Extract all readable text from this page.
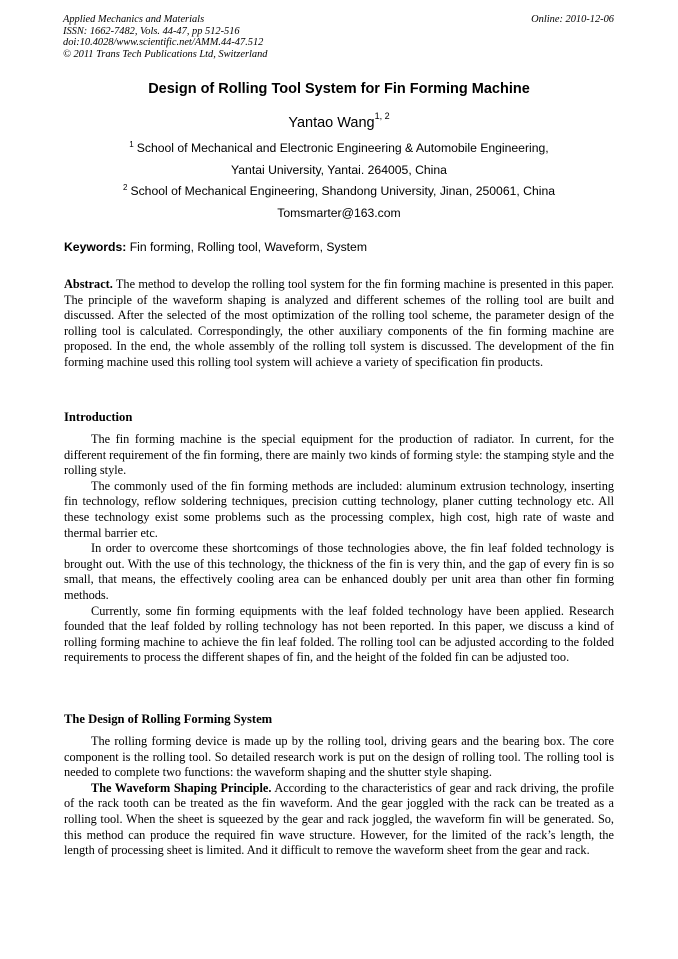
Applied Mechanics and Materials
ISSN: 1662-7482, Vols. 44-47, pp 512-516
doi:10.4028/www.scientific.net/AMM.44-47.512
© 2011 Trans Tech Publications Ltd, Switzerland
Online: 2010-12-06
Design of Rolling Tool System for Fin Forming Machine
Yantao Wang$^{1, 2}$
$^1$ School of Mechanical and Electronic Engineering & Automobile Engineering,
Yantai University, Yantai. 264005, China
$^2$ School of Mechanical Engineering, Shandong University, Jinan, 250061, China
Tomsmarter@163.com
Keywords: Fin forming, Rolling tool, Waveform, System

Abstract. The method to develop the rolling tool system for the fin forming machine is presented in this paper. The principle of the waveform shaping is analyzed and different schemes of the rolling tool are built and discussed. After the selected of the most optimization of the rolling tool scheme, the parameter design of the rolling tool is calculated. Correspondingly, the other auxiliary components of the fin forming machine are proposed. In the end, the whole assembly of the rolling toll system is discussed. The development of the fin forming machine used this rolling tool system will achieve a variety of specification fin products.

Introduction

The fin forming machine is the special equipment for the production of radiator. In current, for the different requirement of the fin forming, there are mainly two kinds of forming style: the stamping style and the rolling style.

The commonly used of the fin forming methods are included: aluminum extrusion technology, inserting fin technology, reflow soldering techniques, precision cutting technology, planer cutting technology etc. All these technology exist some problems such as the processing complex, high cost, high rate of waste and thermal barrier etc.

In order to overcome these shortcomings of those technologies above, the fin leaf folded technology is brought out. With the use of this technology, the thickness of the fin is very thin, and the gap of every fin is so small, that means, the effectively cooling area can be enhanced doubly per unit area than other fin forming methods.

Currently, some fin forming equipments with the leaf folded technology have been applied. Research founded that the leaf folded by rolling technology has not been reported. In this paper, we discuss a kind of rolling forming machine to achieve the fin leaf folded. The rolling tool can be adjusted according to the folded requirements to process the different shapes of fin, and the height of the folded fin can be adjusted too.

The Design of Rolling Forming System

The rolling forming device is made up by the rolling tool, driving gears and the bearing box. The core component is the rolling tool. So detailed research work is put on the design of rolling tool. The rolling tool is needed to complete two functions: the waveform shaping and the shutter style shaping.

The Waveform Shaping Principle. According to the characteristics of gear and rack driving, the profile of the rack tooth can be treated as the fin waveform. And the gear joggled with the rack can be treated as a rolling tool. When the sheet is squeezed by the gear and rack joggled, the waveform fin will be generated. So, this method can produce the required fin wave structure. However, for the limited of the rack’s length, the length of processing sheet is limited. And it difficult to remove the waveform sheet from the gear and rack.
